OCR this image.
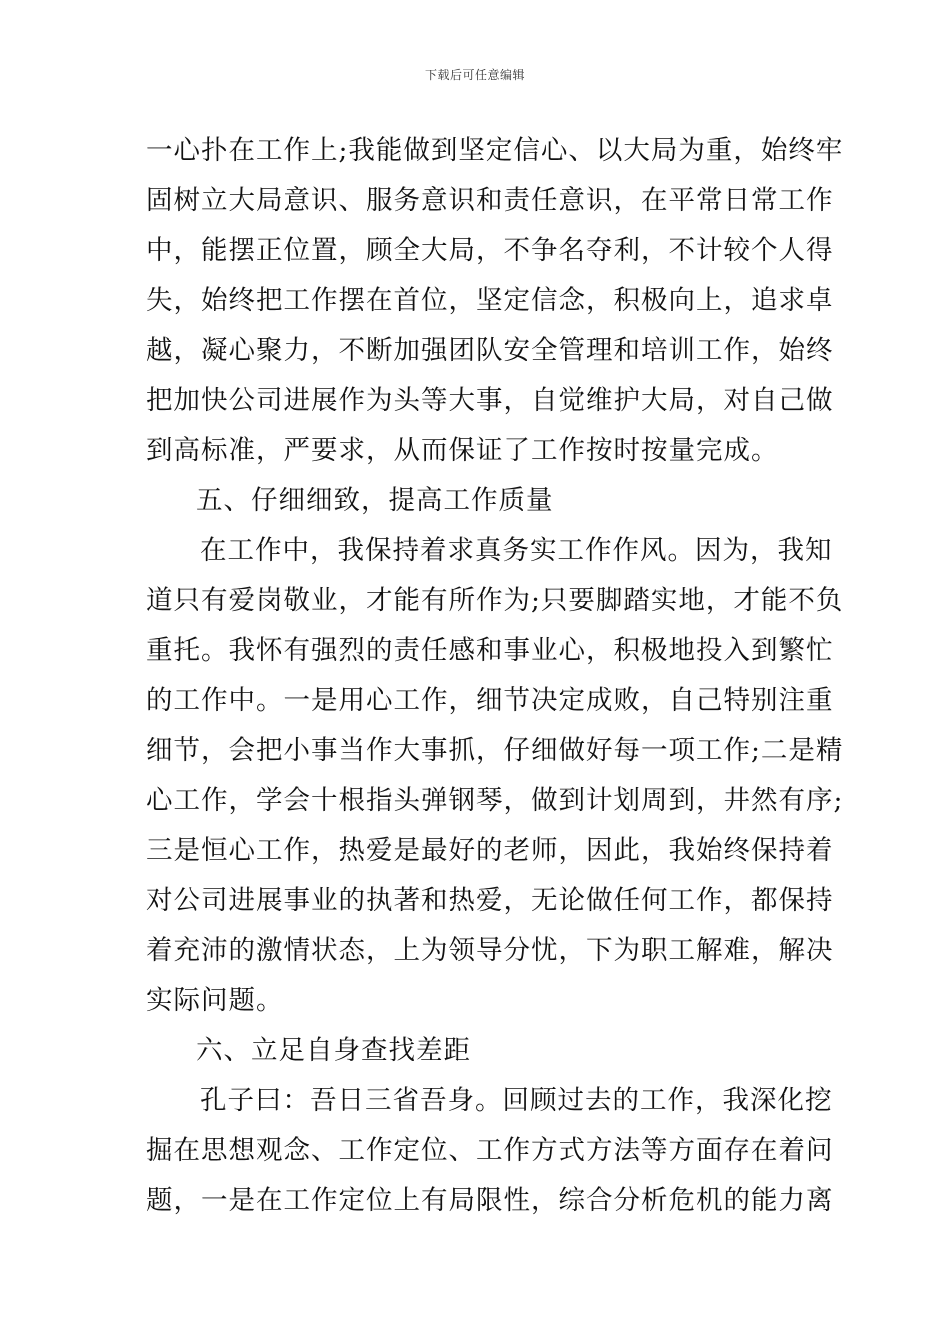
下载后可任意编辑
一心扑在工作上;我能做到坚定信心、以大局为重，始终牢
固树立大局意识、服务意识和责任意识，在平常日常工作
中，能摆正位置，顾全大局，不争名夺利，不计较个人得
失，始终把工作摆在首位，坚定信念，积极向上，追求卓
越，凝心聚力，不断加强团队安全管理和培训工作，始终
把加快公司进展作为头等大事，自觉维护大局，对自己做
到高标准，严要求，从而保证了工作按时按量完成。
五、仔细细致，提高工作质量
在工作中，我保持着求真务实工作作风。因为，我知
道只有爱岗敬业，才能有所作为;只要脚踏实地，才能不负
重托。我怀有强烈的责任感和事业心，积极地投入到繁忙
的工作中。一是用心工作，细节决定成败，自己特别注重
细节，会把小事当作大事抓，仔细做好每一项工作;二是精
心工作，学会十根指头弹钢琴，做到计划周到，井然有序;
三是恒心工作，热爱是最好的老师，因此，我始终保持着
对公司进展事业的执著和热爱，无论做任何工作，都保持
着充沛的激情状态，上为领导分忧，下为职工解难，解决
实际问题。
六、立足自身查找差距
孔子曰：吾日三省吾身。回顾过去的工作，我深化挖
掘在思想观念、工作定位、工作方式方法等方面存在着问
题，一是在工作定位上有局限性，综合分析危机的能力离
